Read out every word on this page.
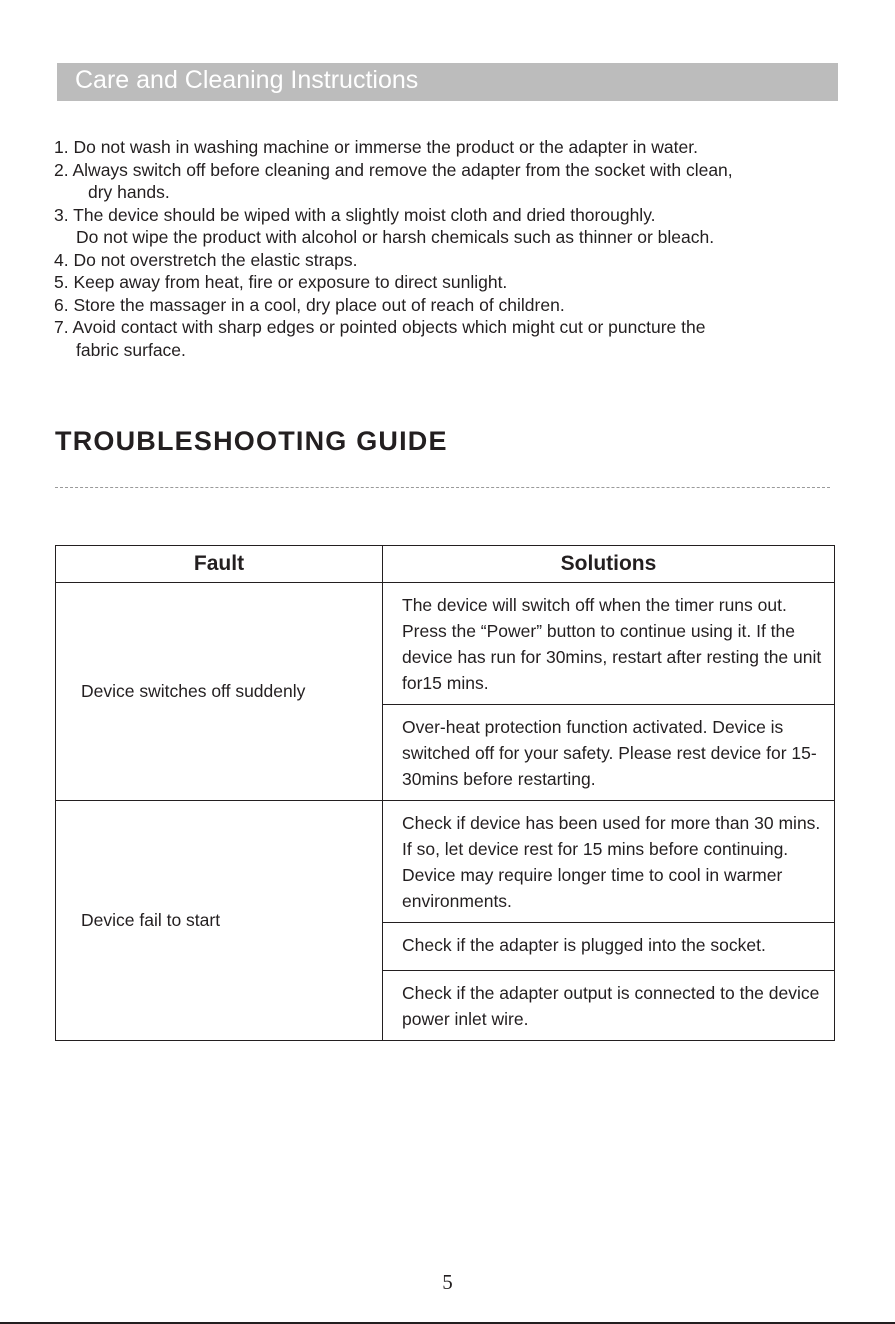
Care and Cleaning Instructions

1. Do not wash in washing machine or immerse the product or the adapter in water.

2. Always switch off before cleaning and remove the adapter from the socket with clean,

dry hands.

3. The device should be wiped with a slightly moist cloth and dried thoroughly.

Do not wipe the product with alcohol or harsh chemicals such as thinner or bleach.

4. Do not overstretch the elastic straps.

5. Keep away from heat, fire or exposure to direct sunlight.

6. Store the massager in a cool, dry place out of reach of children.

7. Avoid contact with sharp edges or pointed objects which might cut or puncture the

fabric surface.

TROUBLESHOOTING GUIDE
Fault	Solutions
Device switches off suddenly	The device will switch off when the timer runs out. Press the “Power” button to continue using it. If the device has run for 30mins, restart after resting the unit for15 mins.
	Over-heat protection function activated. Device is switched off for your safety. Please rest device for 15-30mins before restarting.
Device fail to start	Check if device has been used for more than 30 mins. If so, let device rest for 15 mins before continuing. Device may require longer time to cool in warmer environments.
	Check if the adapter is plugged into the socket.
	Check if the adapter output is connected to the device power inlet wire.
5
